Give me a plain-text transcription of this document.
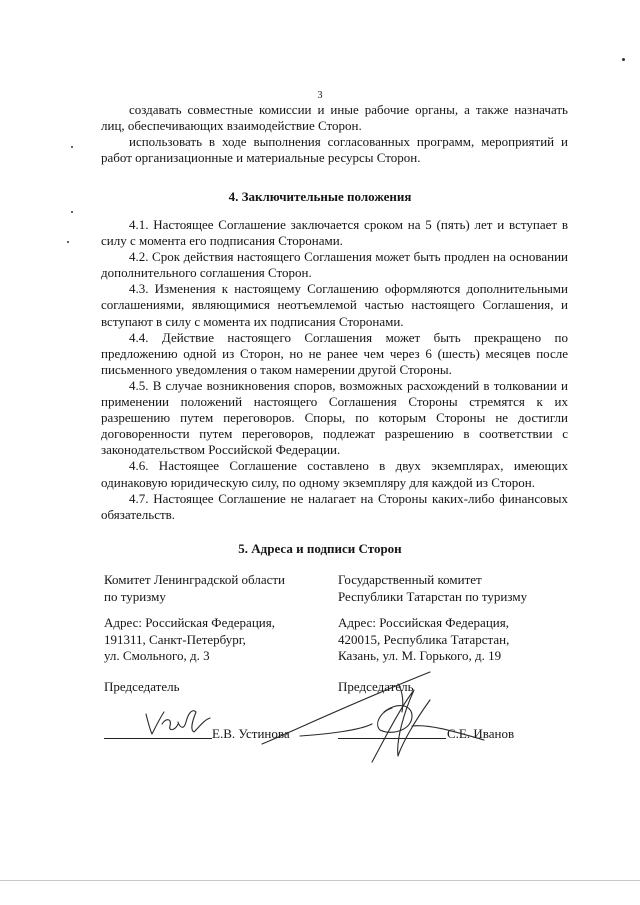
3

создавать совместные комиссии и иные рабочие органы, а также назначать лиц, обеспечивающих взаимодействие Сторон.

использовать в ходе выполнения согласованных программ, мероприятий и работ организационные и материальные ресурсы Сторон.

4. Заключительные положения

4.1. Настоящее Соглашение заключается сроком на 5 (пять) лет и вступает в силу с момента его подписания Сторонами.

4.2. Срок действия настоящего Соглашения может быть продлен на основании дополнительного соглашения Сторон.

4.3. Изменения к настоящему Соглашению оформляются дополнительными соглашениями, являющимися неотъемлемой частью настоящего Соглашения, и вступают в силу с момента их подписания Сторонами.

4.4. Действие настоящего Соглашения может быть прекращено по предложению одной из Сторон, но не ранее чем через 6 (шесть) месяцев после письменного уведомления о таком намерении другой Стороны.

4.5. В случае возникновения споров, возможных расхождений в толковании и применении положений настоящего Соглашения Стороны стремятся к их разрешению путем переговоров. Споры, по которым Стороны не достигли договоренности путем переговоров, подлежат разрешению в соответствии с законодательством Российской Федерации.

4.6. Настоящее Соглашение составлено в двух экземплярах, имеющих одинаковую юридическую силу, по одному экземпляру для каждой из Сторон.

4.7. Настоящее Соглашение не налагает на Стороны каких-либо финансовых обязательств.

5. Адреса и подписи Сторон
Комитет Ленинградской области
по туризму
Адрес: Российская Федерация,
191311, Санкт-Петербург,
ул. Смольного, д. 3
Председатель
Е.В. Устинова
Государственный комитет
Республики Татарстан по туризму
Адрес: Российская Федерация,
420015, Республика Татарстан,
Казань, ул. М. Горького, д. 19
Председатель
С.Е. Иванов
